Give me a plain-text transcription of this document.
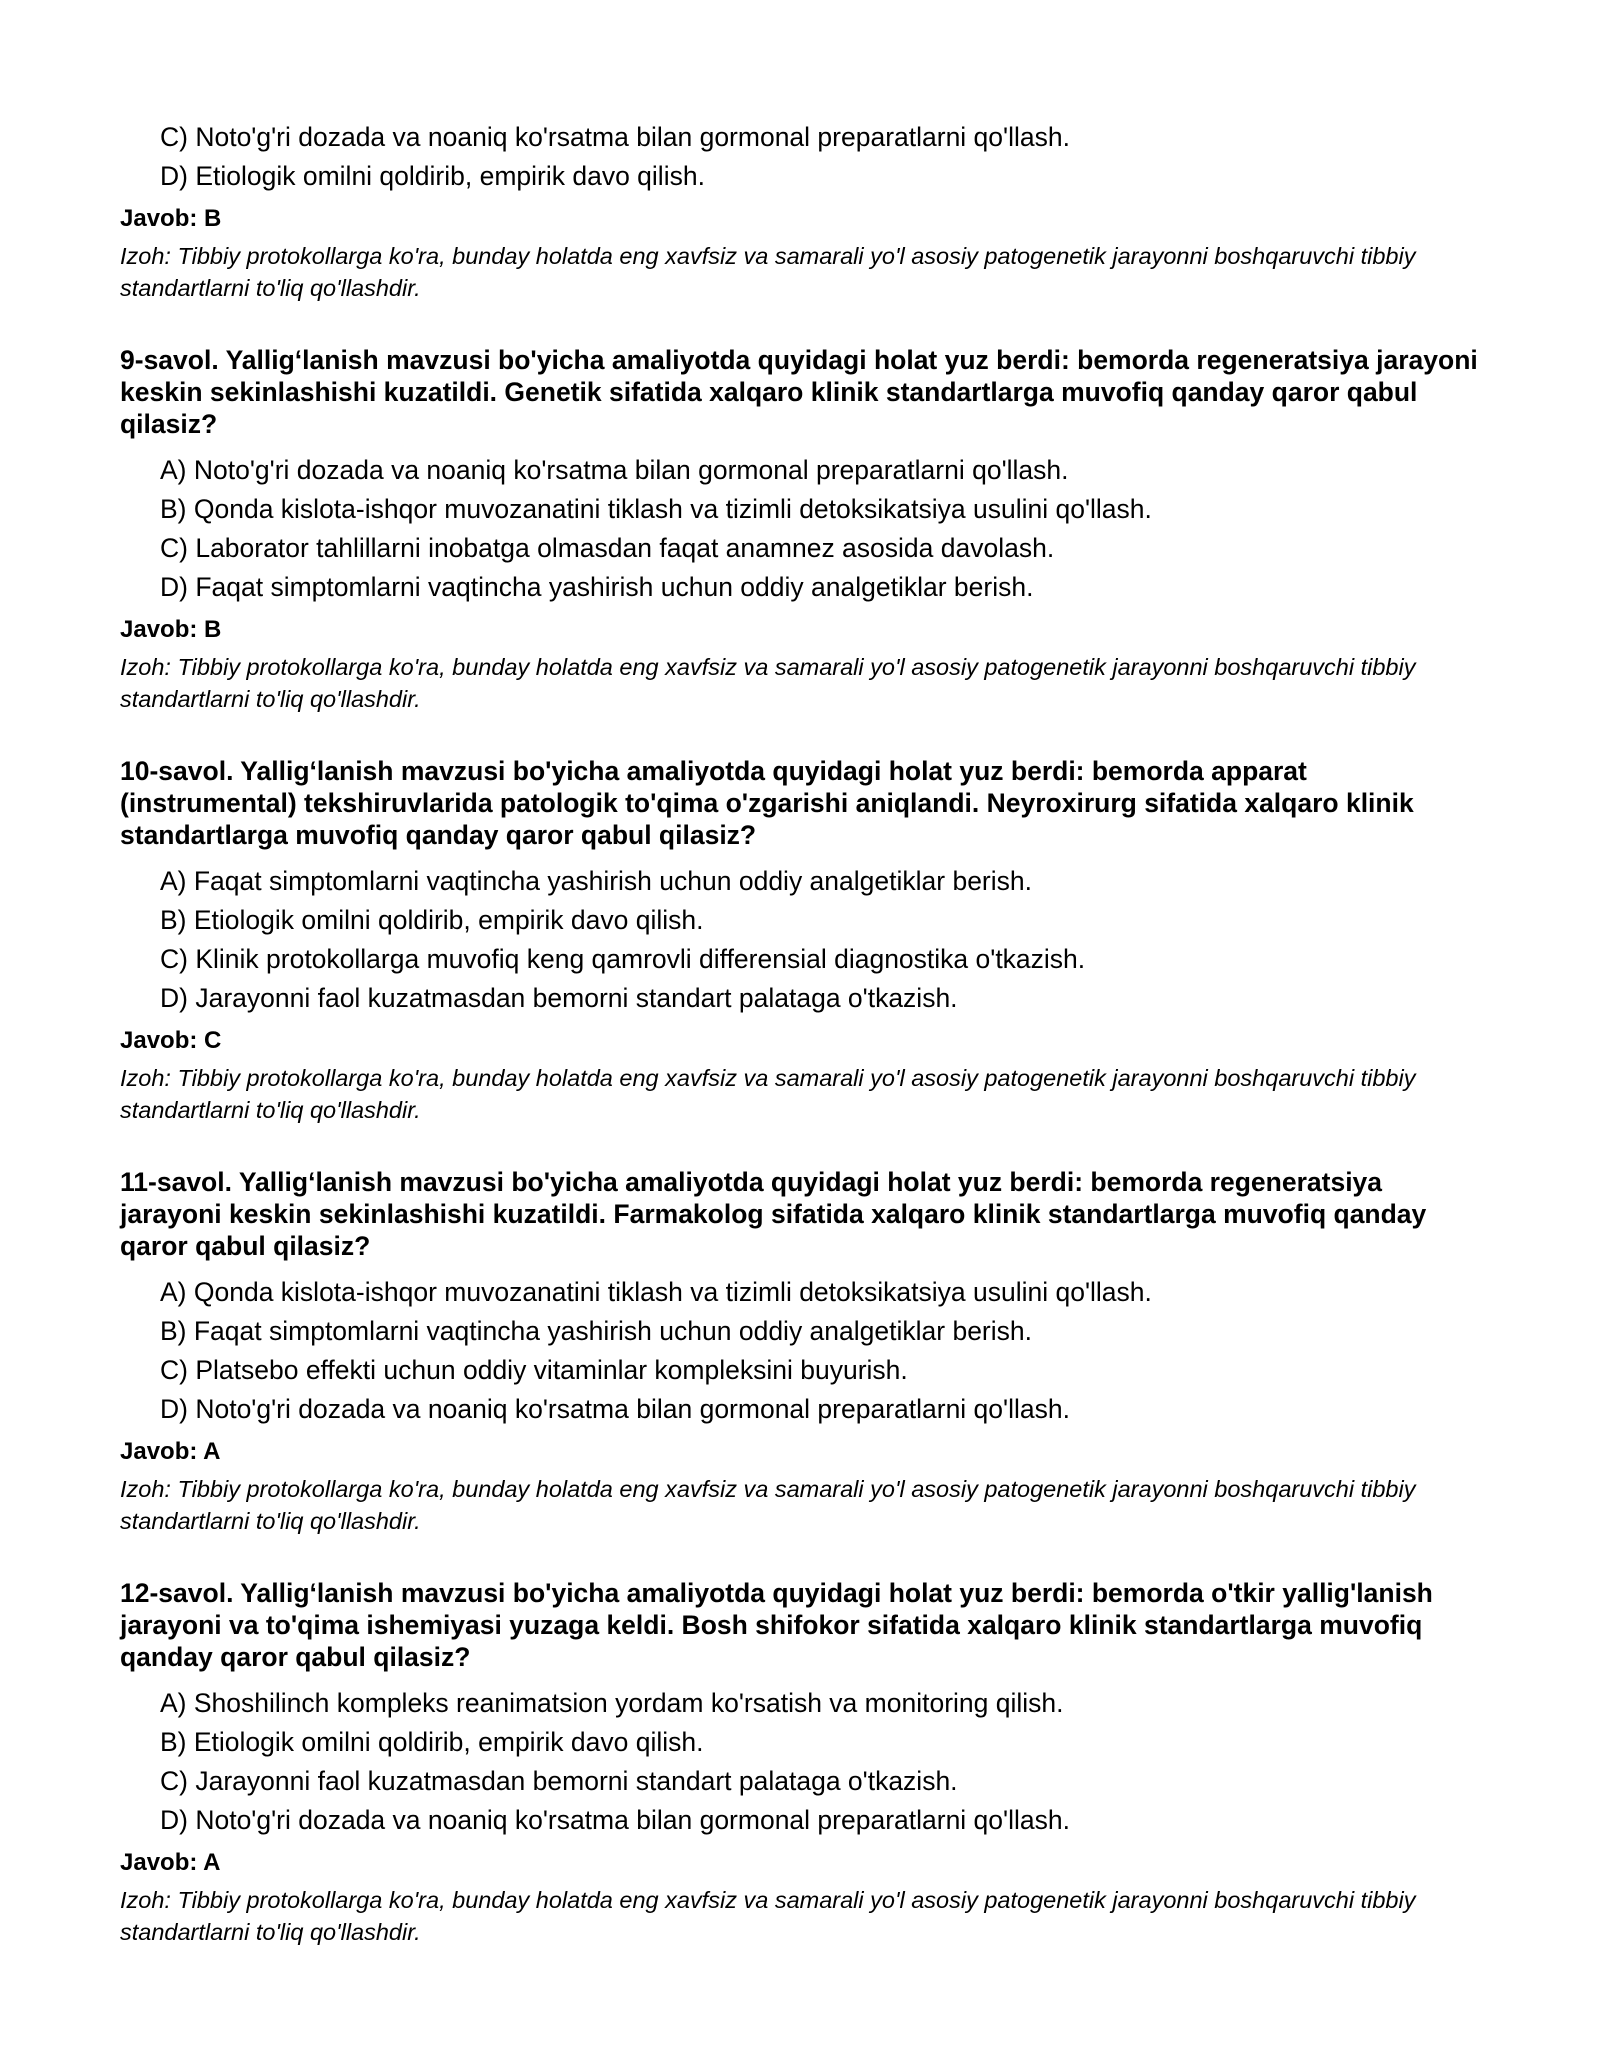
C) Noto'g'ri dozada va noaniq ko'rsatma bilan gormonal preparatlarni qo'llash.
D) Etiologik omilni qoldirib, empirik davo qilish.
Javob: B
Izoh: Tibbiy protokollarga ko'ra, bunday holatda eng xavfsiz va samarali yo'l asosiy patogenetik jarayonni boshqaruvchi tibbiy standartlarni to'liq qo'llashdir.
9-savol. Yallig‘lanish mavzusi bo'yicha amaliyotda quyidagi holat yuz berdi: bemorda regeneratsiya jarayoni keskin sekinlashishi kuzatildi. Genetik sifatida xalqaro klinik standartlarga muvofiq qanday qaror qabul qilasiz?
A) Noto'g'ri dozada va noaniq ko'rsatma bilan gormonal preparatlarni qo'llash.
B) Qonda kislota-ishqor muvozanatini tiklash va tizimli detoksikatsiya usulini qo'llash.
C) Laborator tahlillarni inobatga olmasdan faqat anamnez asosida davolash.
D) Faqat simptomlarni vaqtincha yashirish uchun oddiy analgetiklar berish.
Javob: B
Izoh: Tibbiy protokollarga ko'ra, bunday holatda eng xavfsiz va samarali yo'l asosiy patogenetik jarayonni boshqaruvchi tibbiy standartlarni to'liq qo'llashdir.
10-savol. Yallig‘lanish mavzusi bo'yicha amaliyotda quyidagi holat yuz berdi: bemorda apparat (instrumental) tekshiruvlarida patologik to'qima o'zgarishi aniqlandi. Neyroxirurg sifatida xalqaro klinik standartlarga muvofiq qanday qaror qabul qilasiz?
A) Faqat simptomlarni vaqtincha yashirish uchun oddiy analgetiklar berish.
B) Etiologik omilni qoldirib, empirik davo qilish.
C) Klinik protokollarga muvofiq keng qamrovli differensial diagnostika o'tkazish.
D) Jarayonni faol kuzatmasdan bemorni standart palataga o'tkazish.
Javob: C
Izoh: Tibbiy protokollarga ko'ra, bunday holatda eng xavfsiz va samarali yo'l asosiy patogenetik jarayonni boshqaruvchi tibbiy standartlarni to'liq qo'llashdir.
11-savol. Yallig‘lanish mavzusi bo'yicha amaliyotda quyidagi holat yuz berdi: bemorda regeneratsiya jarayoni keskin sekinlashishi kuzatildi. Farmakolog sifatida xalqaro klinik standartlarga muvofiq qanday qaror qabul qilasiz?
A) Qonda kislota-ishqor muvozanatini tiklash va tizimli detoksikatsiya usulini qo'llash.
B) Faqat simptomlarni vaqtincha yashirish uchun oddiy analgetiklar berish.
C) Platsebo effekti uchun oddiy vitaminlar kompleksini buyurish.
D) Noto'g'ri dozada va noaniq ko'rsatma bilan gormonal preparatlarni qo'llash.
Javob: A
Izoh: Tibbiy protokollarga ko'ra, bunday holatda eng xavfsiz va samarali yo'l asosiy patogenetik jarayonni boshqaruvchi tibbiy standartlarni to'liq qo'llashdir.
12-savol. Yallig‘lanish mavzusi bo'yicha amaliyotda quyidagi holat yuz berdi: bemorda o'tkir yallig'lanish jarayoni va to'qima ishemiyasi yuzaga keldi. Bosh shifokor sifatida xalqaro klinik standartlarga muvofiq qanday qaror qabul qilasiz?
A) Shoshilinch kompleks reanimatsion yordam ko'rsatish va monitoring qilish.
B) Etiologik omilni qoldirib, empirik davo qilish.
C) Jarayonni faol kuzatmasdan bemorni standart palataga o'tkazish.
D) Noto'g'ri dozada va noaniq ko'rsatma bilan gormonal preparatlarni qo'llash.
Javob: A
Izoh: Tibbiy protokollarga ko'ra, bunday holatda eng xavfsiz va samarali yo'l asosiy patogenetik jarayonni boshqaruvchi tibbiy standartlarni to'liq qo'llashdir.
